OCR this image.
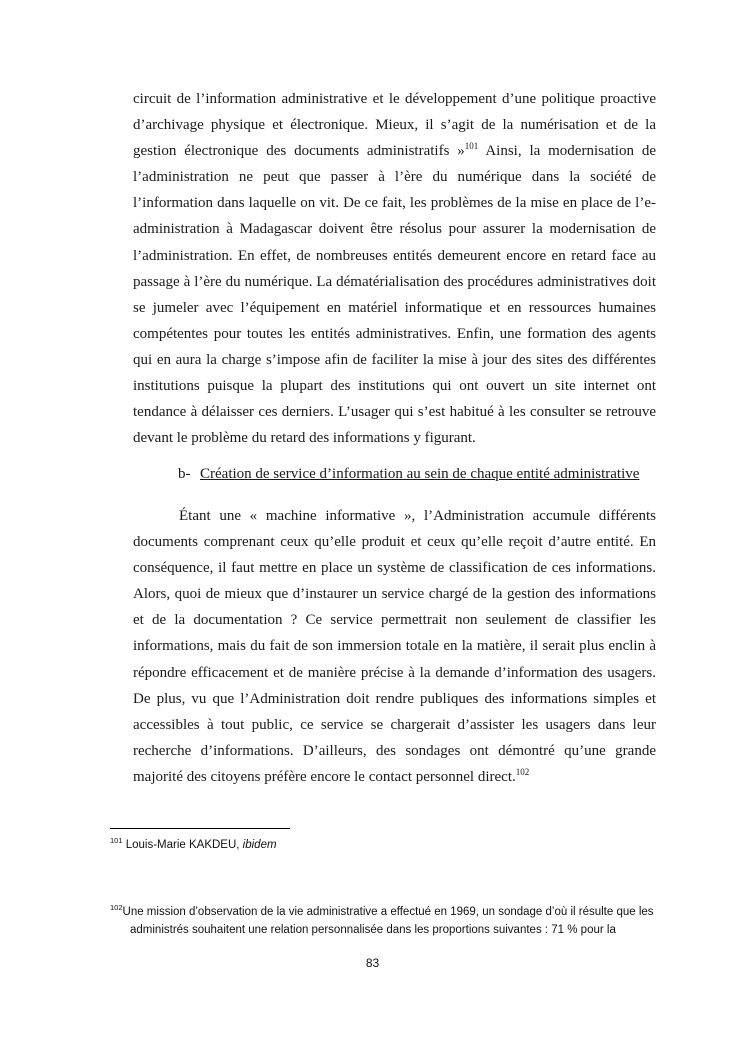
circuit de l’information administrative et le développement d’une politique proactive d’archivage physique et électronique. Mieux, il s’agit de la numérisation et de la gestion électronique des documents administratifs »$^{101}$ Ainsi, la modernisation de l’administration ne peut que passer à l’ère du numérique dans la société de l’information dans laquelle on vit. De ce fait, les problèmes de la mise en place de l’e-administration à Madagascar doivent être résolus pour assurer la modernisation de l’administration. En effet, de nombreuses entités demeurent encore en retard face au passage à l’ère du numérique. La dématérialisation des procédures administratives doit se jumeler avec l’équipement en matériel informatique et en ressources humaines compétentes pour toutes les entités administratives. Enfin, une formation des agents qui en aura la charge s’impose afin de faciliter la mise à jour des sites des différentes institutions puisque la plupart des institutions qui ont ouvert un site internet ont tendance à délaisser ces derniers. L’usager qui s’est habitué à les consulter se retrouve devant le problème du retard des informations y figurant.

b- Création de service d’information au sein de chaque entité administrative

Étant une « machine informative », l’Administration accumule différents documents comprenant ceux qu’elle produit et ceux qu’elle reçoit d’autre entité. En conséquence, il faut mettre en place un système de classification de ces informations. Alors, quoi de mieux que d’instaurer un service chargé de la gestion des informations et de la documentation ? Ce service permettrait non seulement de classifier les informations, mais du fait de son immersion totale en la matière, il serait plus enclin à répondre efficacement et de manière précise à la demande d’information des usagers. De plus, vu que l’Administration doit rendre publiques des informations simples et accessibles à tout public, ce service se chargerait d’assister les usagers dans leur recherche d’informations. D’ailleurs, des sondages ont démontré qu’une grande majorité des citoyens préfère encore le contact personnel direct.$^{102}$

$^{101}$ Louis-Marie KAKDEU, ibidem
$^{102}$Une mission d’observation de la vie administrative a effectué en 1969, un sondage d’où il résulte que les
administrés souhaitent une relation personnalisée dans les proportions suivantes : 71 % pour la
83
